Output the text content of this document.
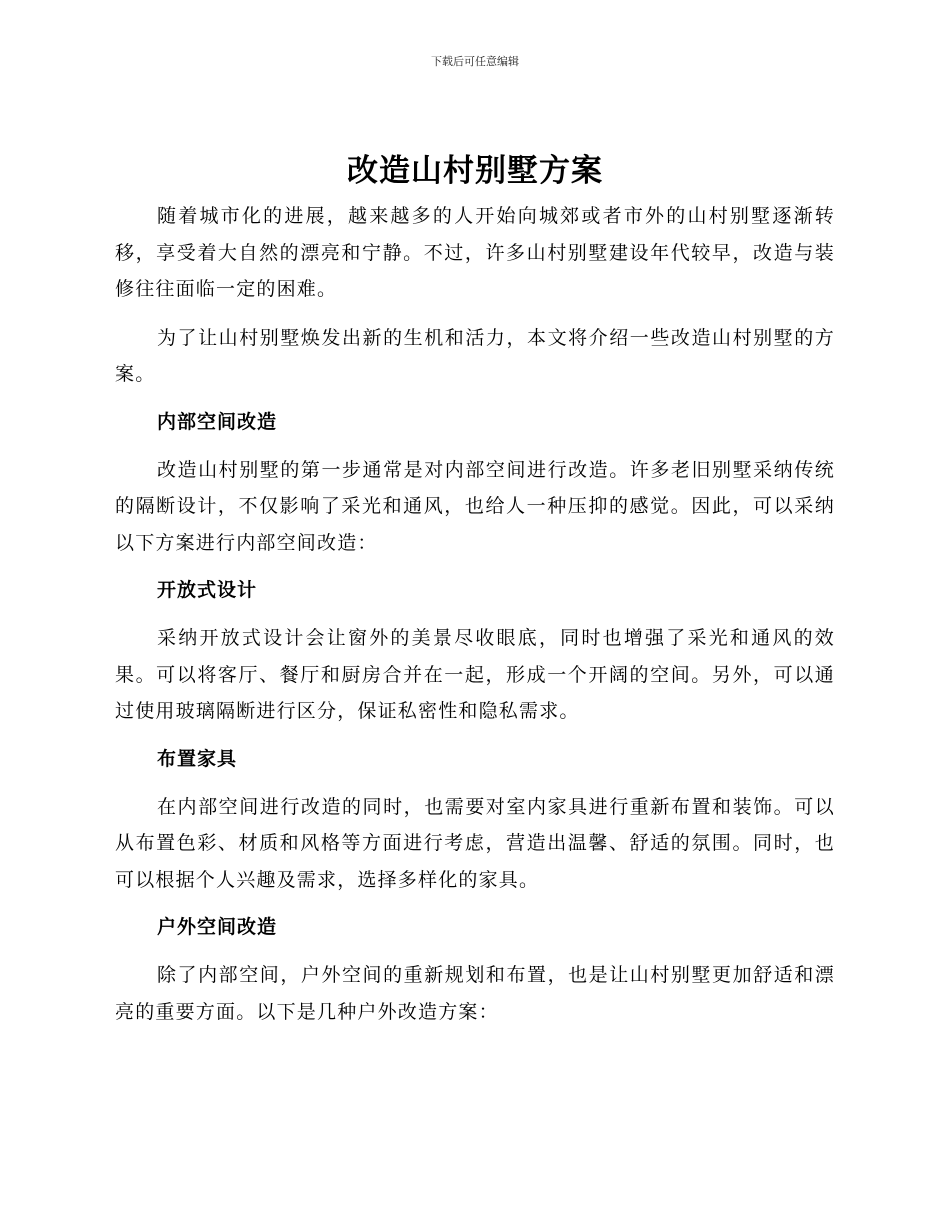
下载后可任意编辑
改造山村别墅方案

随着城市化的进展，越来越多的人开始向城郊或者市外的山村别墅逐渐转移，享受着大自然的漂亮和宁静。不过，许多山村别墅建设年代较早，改造与装修往往面临一定的困难。

为了让山村别墅焕发出新的生机和活力，本文将介绍一些改造山村别墅的方案。

内部空间改造

改造山村别墅的第一步通常是对内部空间进行改造。许多老旧别墅采纳传统的隔断设计，不仅影响了采光和通风，也给人一种压抑的感觉。因此，可以采纳以下方案进行内部空间改造：

开放式设计

采纳开放式设计会让窗外的美景尽收眼底，同时也增强了采光和通风的效果。可以将客厅、餐厅和厨房合并在一起，形成一个开阔的空间。另外，可以通过使用玻璃隔断进行区分，保证私密性和隐私需求。

布置家具

在内部空间进行改造的同时，也需要对室内家具进行重新布置和装饰。可以从布置色彩、材质和风格等方面进行考虑，营造出温馨、舒适的氛围。同时，也可以根据个人兴趣及需求，选择多样化的家具。

户外空间改造

除了内部空间，户外空间的重新规划和布置，也是让山村别墅更加舒适和漂亮的重要方面。以下是几种户外改造方案：
